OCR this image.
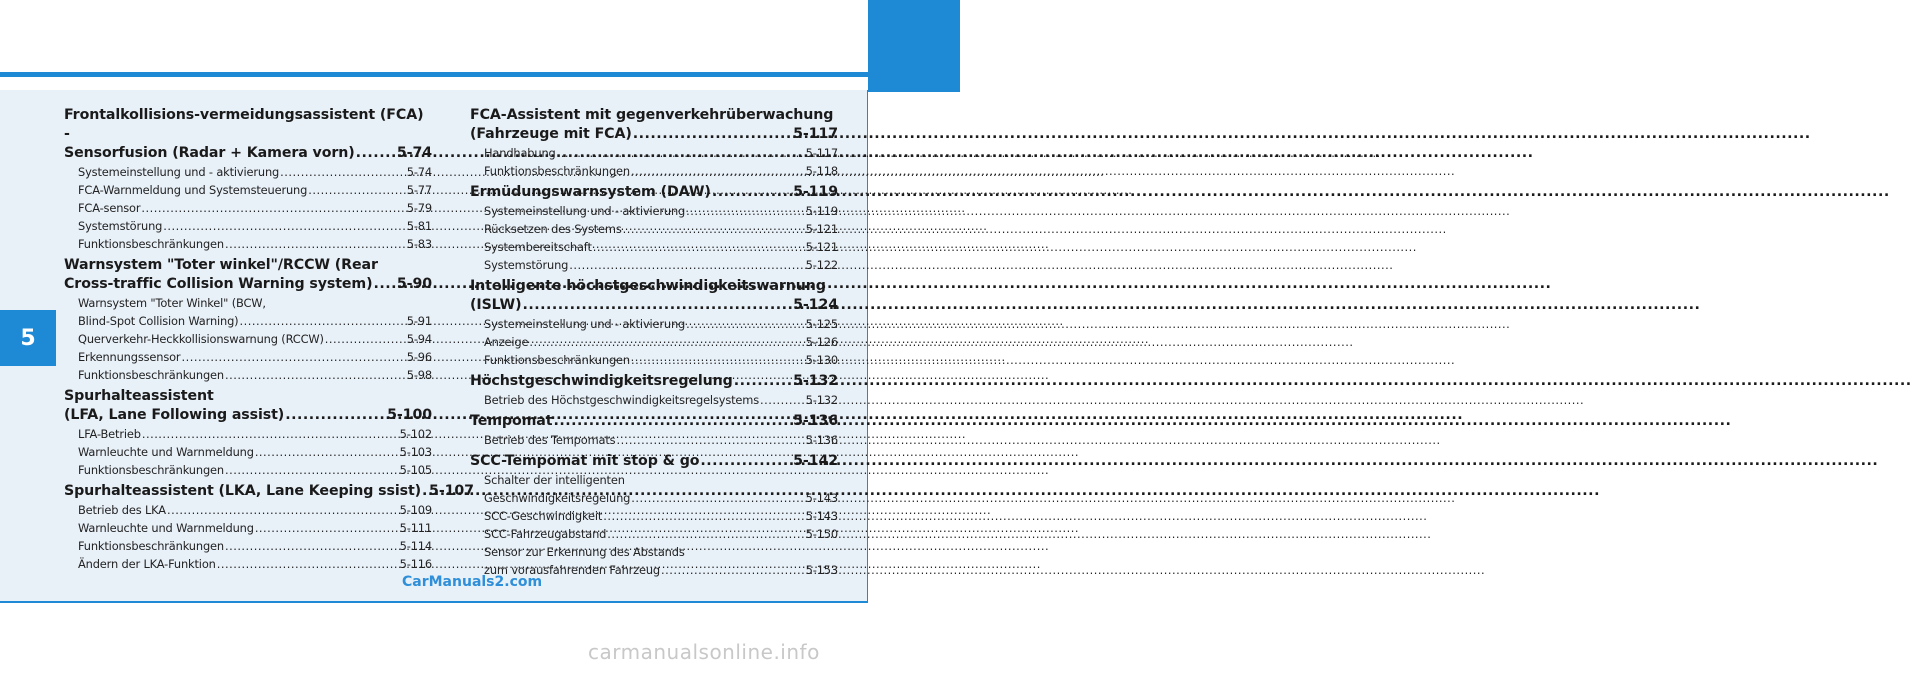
5
Frontalkollisions-vermeidungsassistent (FCA) -
Sensorfusion (Radar + Kamera vorn) .....	5-74
Systemeinstellung und - aktivierung .....	5-74
FCA-Warnmeldung und Systemsteuerung .....	5-77
FCA-sensor .....	5-79
Systemstörung .....	5-81
Funktionsbeschränkungen .....	5-83
Warnsystem "Toter winkel"/RCCW (Rear
Cross-traffic Collision Warning system) ..... 5-90
Warnsystem "Toter Winkel" (BCW,
Blind-Spot Collision Warning) .....	5-91
Querverkehr-Heckkollisionswarnung (RCCW) .....	5-94
Erkennungssensor .....	5-96
Funktionsbeschränkungen .....	5-98
Spurhalteassistent
(LFA, Lane Following assist) .....	5-100
LFA-Betrieb .....	5-102
Warnleuchte und Warnmeldung .....	5-103
Funktionsbeschränkungen .....	5-105
Spurhalteassistent (LKA, Lane Keeping ssist) ..... 5-107
Betrieb des LKA .....	5-109
Warnleuchte und Warnmeldung .....	5-111
Funktionsbeschränkungen .....	5-114
Ändern der LKA-Funktion .....	5-116
FCA-Assistent mit gegenverkehrüberwachung
(Fahrzeuge mit FCA) .....	5-117
Handhabung .....	5-117
Funktionsbeschränkungen .....	5-118
Ermüdungswarnsystem (DAW) .....	5-119
Systemeinstellung und - aktivierung .....	5-119
Rücksetzen des Systems .....	5-121
Systembereitschaft .....	5-121
Systemstörung .....	5-122
Intelligente höchstgeschwindigkeitswarnung
(ISLW) .....	5-124
Systemeinstellung und - aktivierung .....	5-125
Anzeige .....	5-126
Funktionsbeschränkungen .....	5-130
Höchstgeschwindigkeitsregelung .....	5-132
Betrieb des Höchstgeschwindigkeitsregelsystems .....	5-132
Tempomat .....	5-136
Betrieb des Tempomats .....	5-136
SCC-Tempomat mit stop & go .....	5-142
Schalter der intelligenten
Geschwindigkeitsregelung .....	5-143
SCC-Geschwindigkeit .....	5-143
SCC-Fahrzeugabstand .....	5-150
Sensor zur Erkennung des Abstands
zum vorausfahrenden Fahrzeug .....	5-153
CarManuals2.com
carmanualsonline.info
